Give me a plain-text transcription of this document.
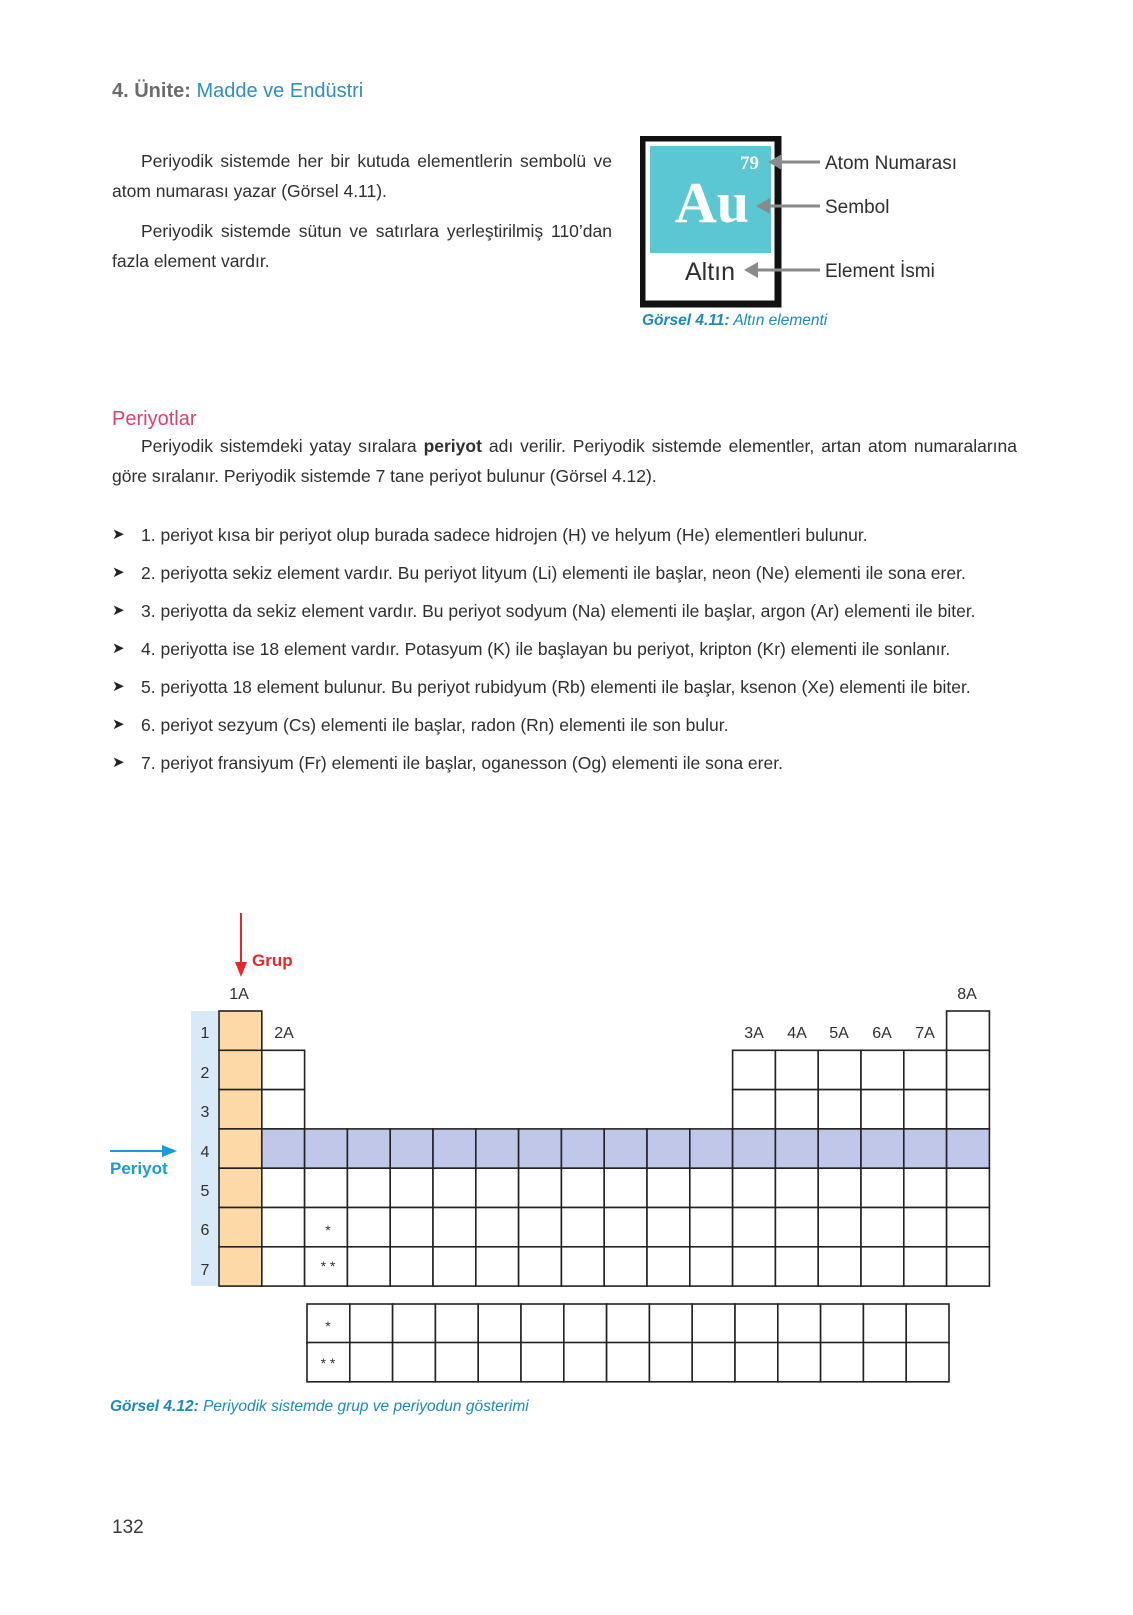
4. Ünite: Madde ve Endüstri

Periyodik sistemde her bir kutuda elementlerin sembolü ve atom numarası yazar (Görsel 4.11).

Periyodik sistemde sütun ve satırlara yerleştirilmiş 110’dan fazla element vardır.

79
Au
Altın
Atom Numarası
Sembol
Element İsmi
Görsel 4.11: Altın elementi
Periyotlar

Periyodik sistemdeki yatay sıralara periyot adı verilir. Periyodik sistemde elementler, artan atom numaralarına göre sıralanır. Periyodik sistemde 7 tane periyot bulunur (Görsel 4.12).

➤ 1. periyot kısa bir periyot olup burada sadece hidrojen (H) ve helyum (He) elementleri bulunur.
➤ 2. periyotta sekiz element vardır. Bu periyot lityum (Li) elementi ile başlar, neon (Ne) elementi ile sona erer.
➤ 3. periyotta da sekiz element vardır. Bu periyot sodyum (Na) elementi ile başlar, argon (Ar) elementi ile biter.
➤ 4. periyotta ise 18 element vardır. Potasyum (K) ile başlayan bu periyot, kripton (Kr) elementi ile sonlanır.
➤ 5. periyotta 18 element bulunur. Bu periyot rubidyum (Rb) elementi ile başlar, ksenon (Xe) elementi ile biter.
➤ 6. periyot sezyum (Cs) elementi ile başlar, radon (Rn) elementi ile son bulur.
➤ 7. periyot fransiyum (Fr) elementi ile başlar, oganesson (Og) elementi ile sona erer.
Grup
Periyot
1A	8A
2A	3A 4A 5A 6A 7A
1
2
3
4
5
6
7
*
* *
*
* *
Görsel 4.12: Periyodik sistemde grup ve periyodun gösterimi
132
